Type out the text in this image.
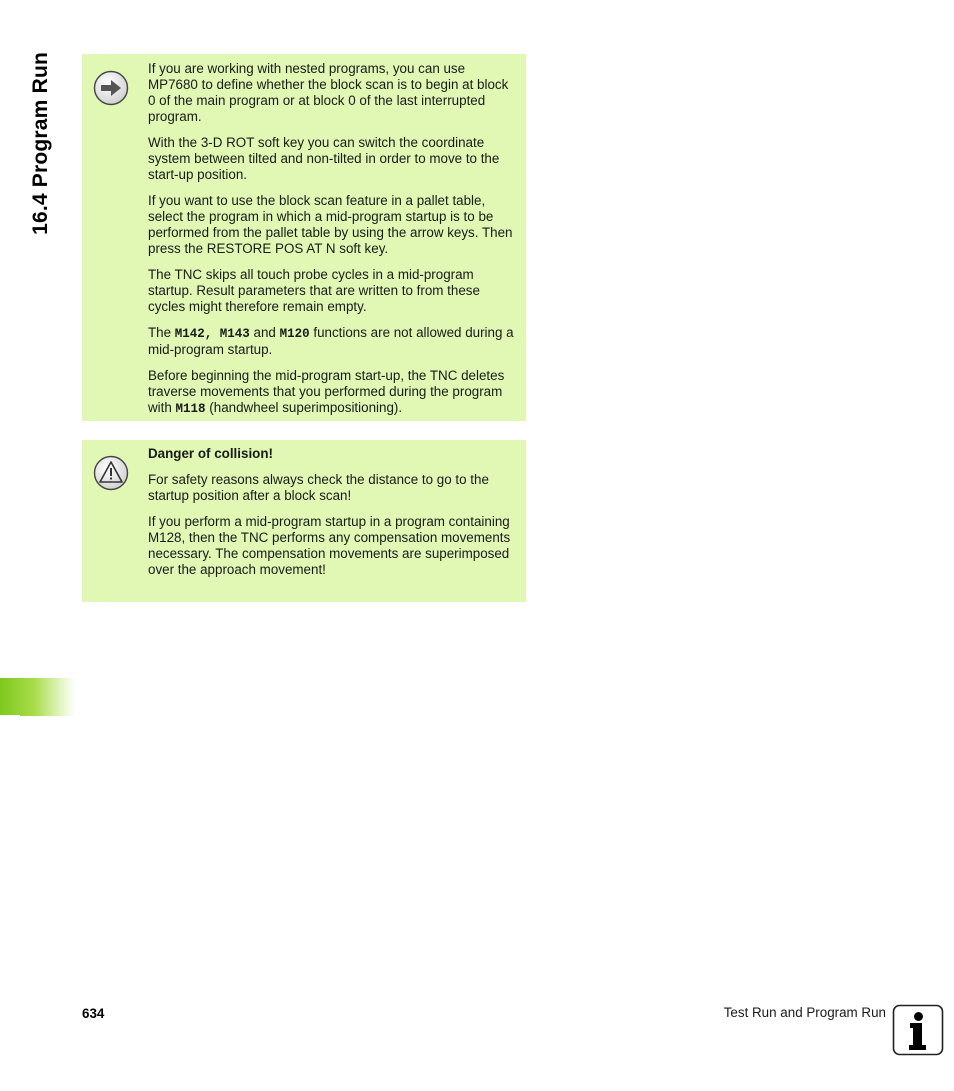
16.4 Program Run	If you are working with nested programs, you can use MP7680 to define whether the block scan is to begin at block 0 of the main program or at block 0 of the last interrupted program.

With the 3-D ROT soft key you can switch the coordinate system between tilted and non-tilted in order to move to the start-up position.

If you want to use the block scan feature in a pallet table, select the program in which a mid-program startup is to be performed from the pallet table by using the arrow keys. Then press the RESTORE POS AT N soft key.

The TNC skips all touch probe cycles in a mid-program startup. Result parameters that are written to from these cycles might therefore remain empty.

The M142, M143 and M120 functions are not allowed during a mid-program startup.

Before beginning the mid-program start-up, the TNC deletes traverse movements that you performed during the program with M118 (handwheel superimpositioning).

Danger of collision!

For safety reasons always check the distance to go to the startup position after a block scan!

If you perform a mid-program startup in a program containing M128, then the TNC performs any compensation movements necessary. The compensation movements are superimposed over the approach movement!

634	Test Run and Program Run
